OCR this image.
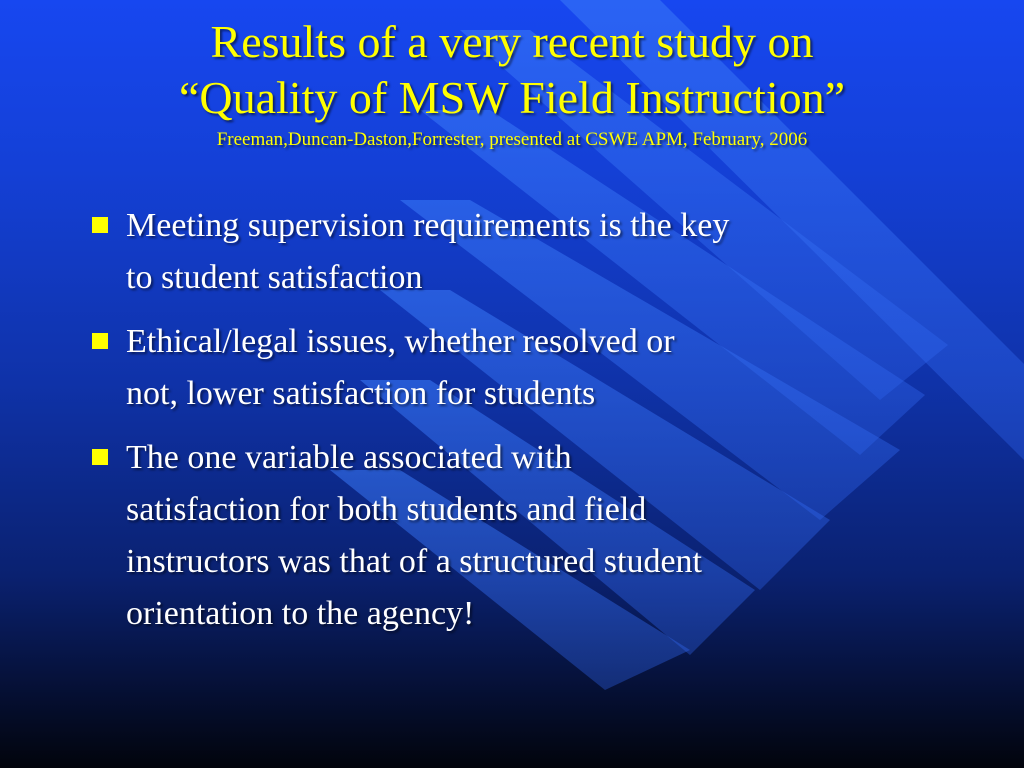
Results of a very recent study on
“Quality of MSW Field Instruction”
Freeman,Duncan-Daston,Forrester, presented at CSWE APM, February, 2006
Meeting supervision requirements is the key
to student satisfaction
Ethical/legal issues, whether resolved or
not, lower satisfaction for students
The one variable associated with
satisfaction for both students and field
instructors was that of a structured student
orientation to the agency!
